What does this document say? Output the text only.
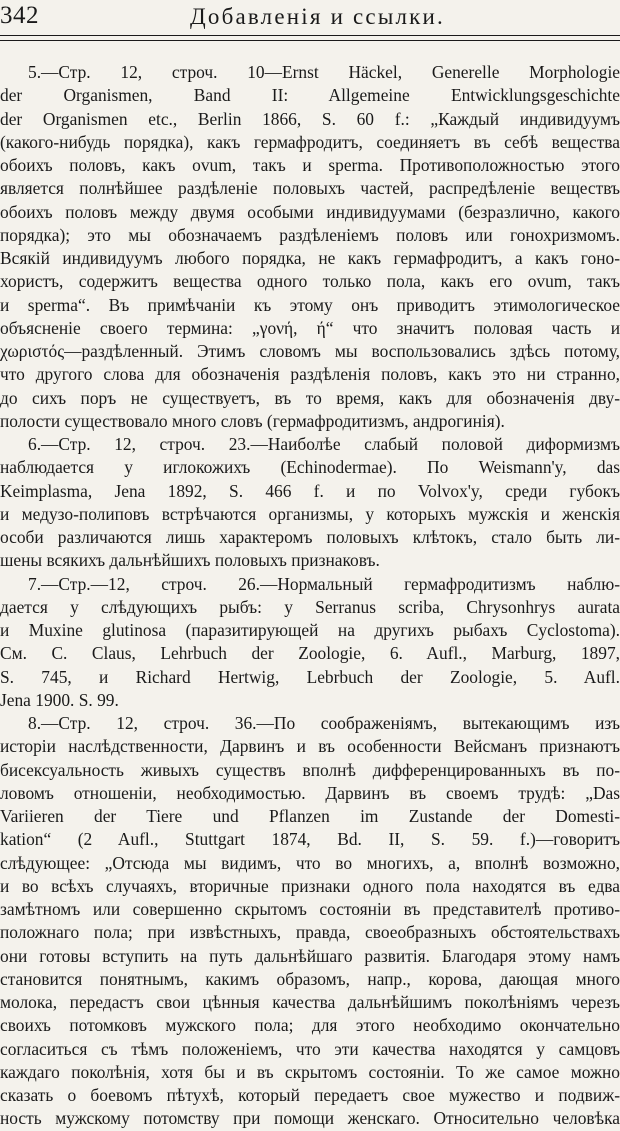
342	Добавленія и ссылки.
5.—Стр. 12, строч. 10—Ernst Häckel, Generelle Morphologie
der Organismen, Band II: Allgemeine Entwicklungsgeschichte
der Organismen etc., Berlin 1866, S. 60 f.: „Каждый индивидуумъ
(какого-нибудь порядка), какъ гермафродитъ, соединяетъ въ себѣ вещества
обоихъ половъ, какъ ovum, такъ и sperma. Противоположностью этого
является полнѣйшее раздѣленіе половыхъ частей, распредѣленіе веществъ
обоихъ половъ между двумя особыми индивидуумами (безразлично, какого
порядка); это мы обозначаемъ раздѣленіемъ половъ или гонохризмомъ.
Всякій индивидуумъ любого порядка, не какъ гермафродитъ, а какъ гоно-
хористъ, содержитъ вещества одного только пола, какъ его ovum, такъ
и sperma“. Въ примѣчаніи къ этому онъ приводитъ этимологическое
объясненіе своего термина: „γονή, ή“ что значитъ половая часть и
χωριστός—раздѣленный. Этимъ словомъ мы воспользовались здѣсь потому,
что другого слова для обозначенія раздѣленія половъ, какъ это ни странно,
до сихъ поръ не существуетъ, въ то время, какъ для обозначенія дву-
полости существовало много словъ (гермафродитизмъ, андрогинія).
6.—Стр. 12, строч. 23.—Наиболѣе слабый половой диформизмъ
наблюдается у иглокожихъ (Echinodermae). По Weismann'y, das
Keimplasma, Jena 1892, S. 466 f. и по Volvox'y, среди губокъ
и медузо-полиповъ встрѣчаются организмы, у которыхъ мужскія и женскія
особи различаются лишь характеромъ половыхъ клѣтокъ, стало быть ли-
шены всякихъ дальнѣйшихъ половыхъ признаковъ.
7.—Стр.—12, строч. 26.—Нормальный гермафродитизмъ наблю-
дается у слѣдующихъ рыбъ: у Serranus scriba, Chrysonhrys aurata
и Muxine glutinosa (паразитирующей на другихъ рыбахъ Cyclostoma).
См. C. Claus, Lehrbuch der Zoologie, 6. Aufl., Marburg, 1897,
S. 745, и Richard Hertwig, Lebrbuch der Zoologie, 5. Aufl.
Jena 1900. S. 99.
8.—Стр. 12, строч. 36.—По соображеніямъ, вытекающимъ изъ
исторіи наслѣдственности, Дарвинъ и въ особенности Вейсманъ признаютъ
бисексуальность живыхъ существъ вполнѣ дифференцированныхъ въ по-
ловомъ отношеніи, необходимостью. Дарвинъ въ своемъ трудѣ: „Das
Variieren der Tiere und Pflanzen im Zustande der Domesti-
kation“ (2 Aufl., Stuttgart 1874, Bd. II, S. 59. f.)—говоритъ
слѣдующее: „Отсюда мы видимъ, что во многихъ, а, вполнѣ возможно,
и во всѣхъ случаяхъ, вторичные признаки одного пола находятся въ едва
замѣтномъ или совершенно скрытомъ состояніи въ представителѣ противо-
положнаго пола; при извѣстныхъ, правда, своеобразныхъ обстоятельствахъ
они готовы вступить на путь дальнѣйшаго развитія. Благодаря этому намъ
становится понятнымъ, какимъ образомъ, напр., корова, дающая много
молока, передастъ свои цѣнныя качества дальнѣйшимъ поколѣніямъ черезъ
своихъ потомковъ мужского пола; для этого необходимо окончательно
согласиться съ тѣмъ положеніемъ, что эти качества находятся у самцовъ
каждаго поколѣнія, хотя бы и въ скрытомъ состояніи. То же самое можно
сказать о боевомъ пѣтухѣ, который передаетъ свое мужество и подвиж-
ность мужскому потомству при помощи женскаго. Относительно человѣка
